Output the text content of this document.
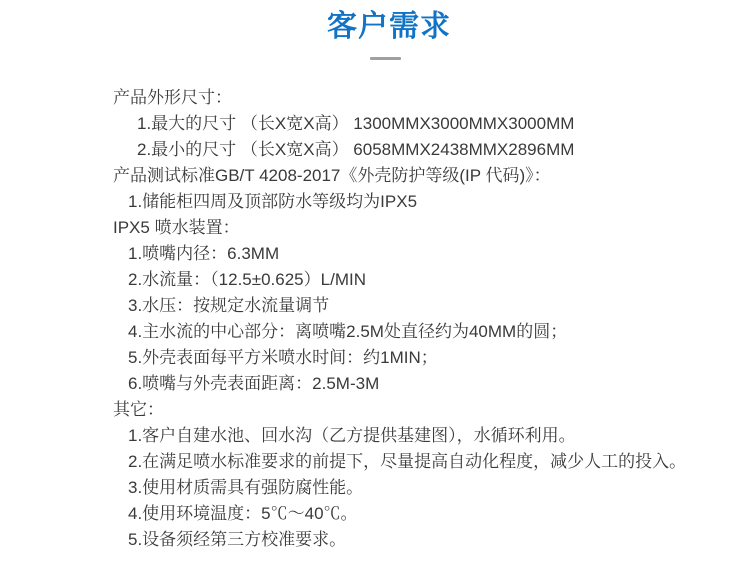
客户需求

产品外形尺寸：

1.最大的尺寸 （长X宽X高） 1300MMX3000MMX3000MM

2.最小的尺寸 （长X宽X高） 6058MMX2438MMX2896MM

产品测试标准GB/T 4208-2017《外壳防护等级(IP 代码)》：

1.储能柜四周及顶部防水等级均为IPX5

IPX5 喷水装置：

1.喷嘴内径：6.3MM

2.水流量：（12.5±0.625）L/MIN

3.水压：按规定水流量调节

4.主水流的中心部分：离喷嘴2.5M处直径约为40MM的圆；

5.外壳表面每平方米喷水时间：约1MIN；

6.喷嘴与外壳表面距离：2.5M-3M

其它：

1.客户自建水池、回水沟（乙方提供基建图），水循环利用。

2.在满足喷水标准要求的前提下，尽量提高自动化程度，减少人工的投入。

3.使用材质需具有强防腐性能。

4.使用环境温度：5℃～40℃。

5.设备须经第三方校准要求。
